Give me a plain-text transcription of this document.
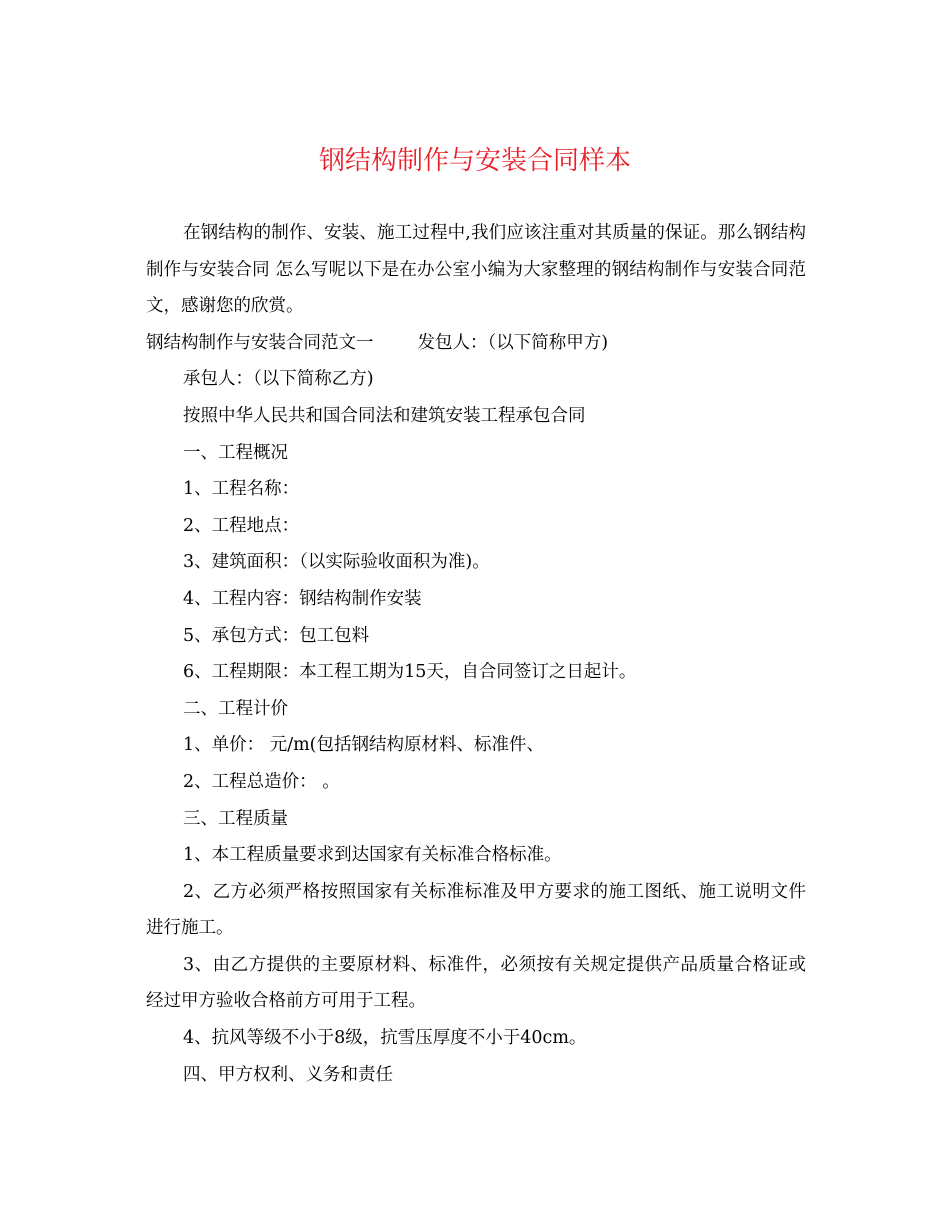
钢结构制作与安装合同样本

在钢结构的制作、安装、施工过程中,我们应该注重对其质量的保证。那么钢结构制作与安装合同 怎么写呢以下是在办公室小编为大家整理的钢结构制作与安装合同范文，感谢您的欣赏。

钢结构制作与安装合同范文一	发包人：（以下简称甲方)

承包人：（以下简称乙方)

按照中华人民共和国合同法和建筑安装工程承包合同

一、工程概况

1、工程名称：

2、工程地点：

3、建筑面积：（以实际验收面积为准)。

4、工程内容：钢结构制作安装

5、承包方式：包工包料

6、工程期限：本工程工期为15天，自合同签订之日起计。

二、工程计价

1、单价： 元/m(包括钢结构原材料、标准件、

2、工程总造价： 。

三、工程质量

1、本工程质量要求到达国家有关标准合格标准。

2、乙方必须严格按照国家有关标准标准及甲方要求的施工图纸、施工说明文件进行施工。

3、由乙方提供的主要原材料、标准件，必须按有关规定提供产品质量合格证或经过甲方验收合格前方可用于工程。

4、抗风等级不小于8级，抗雪压厚度不小于40cm。

四、甲方权利、义务和责任
